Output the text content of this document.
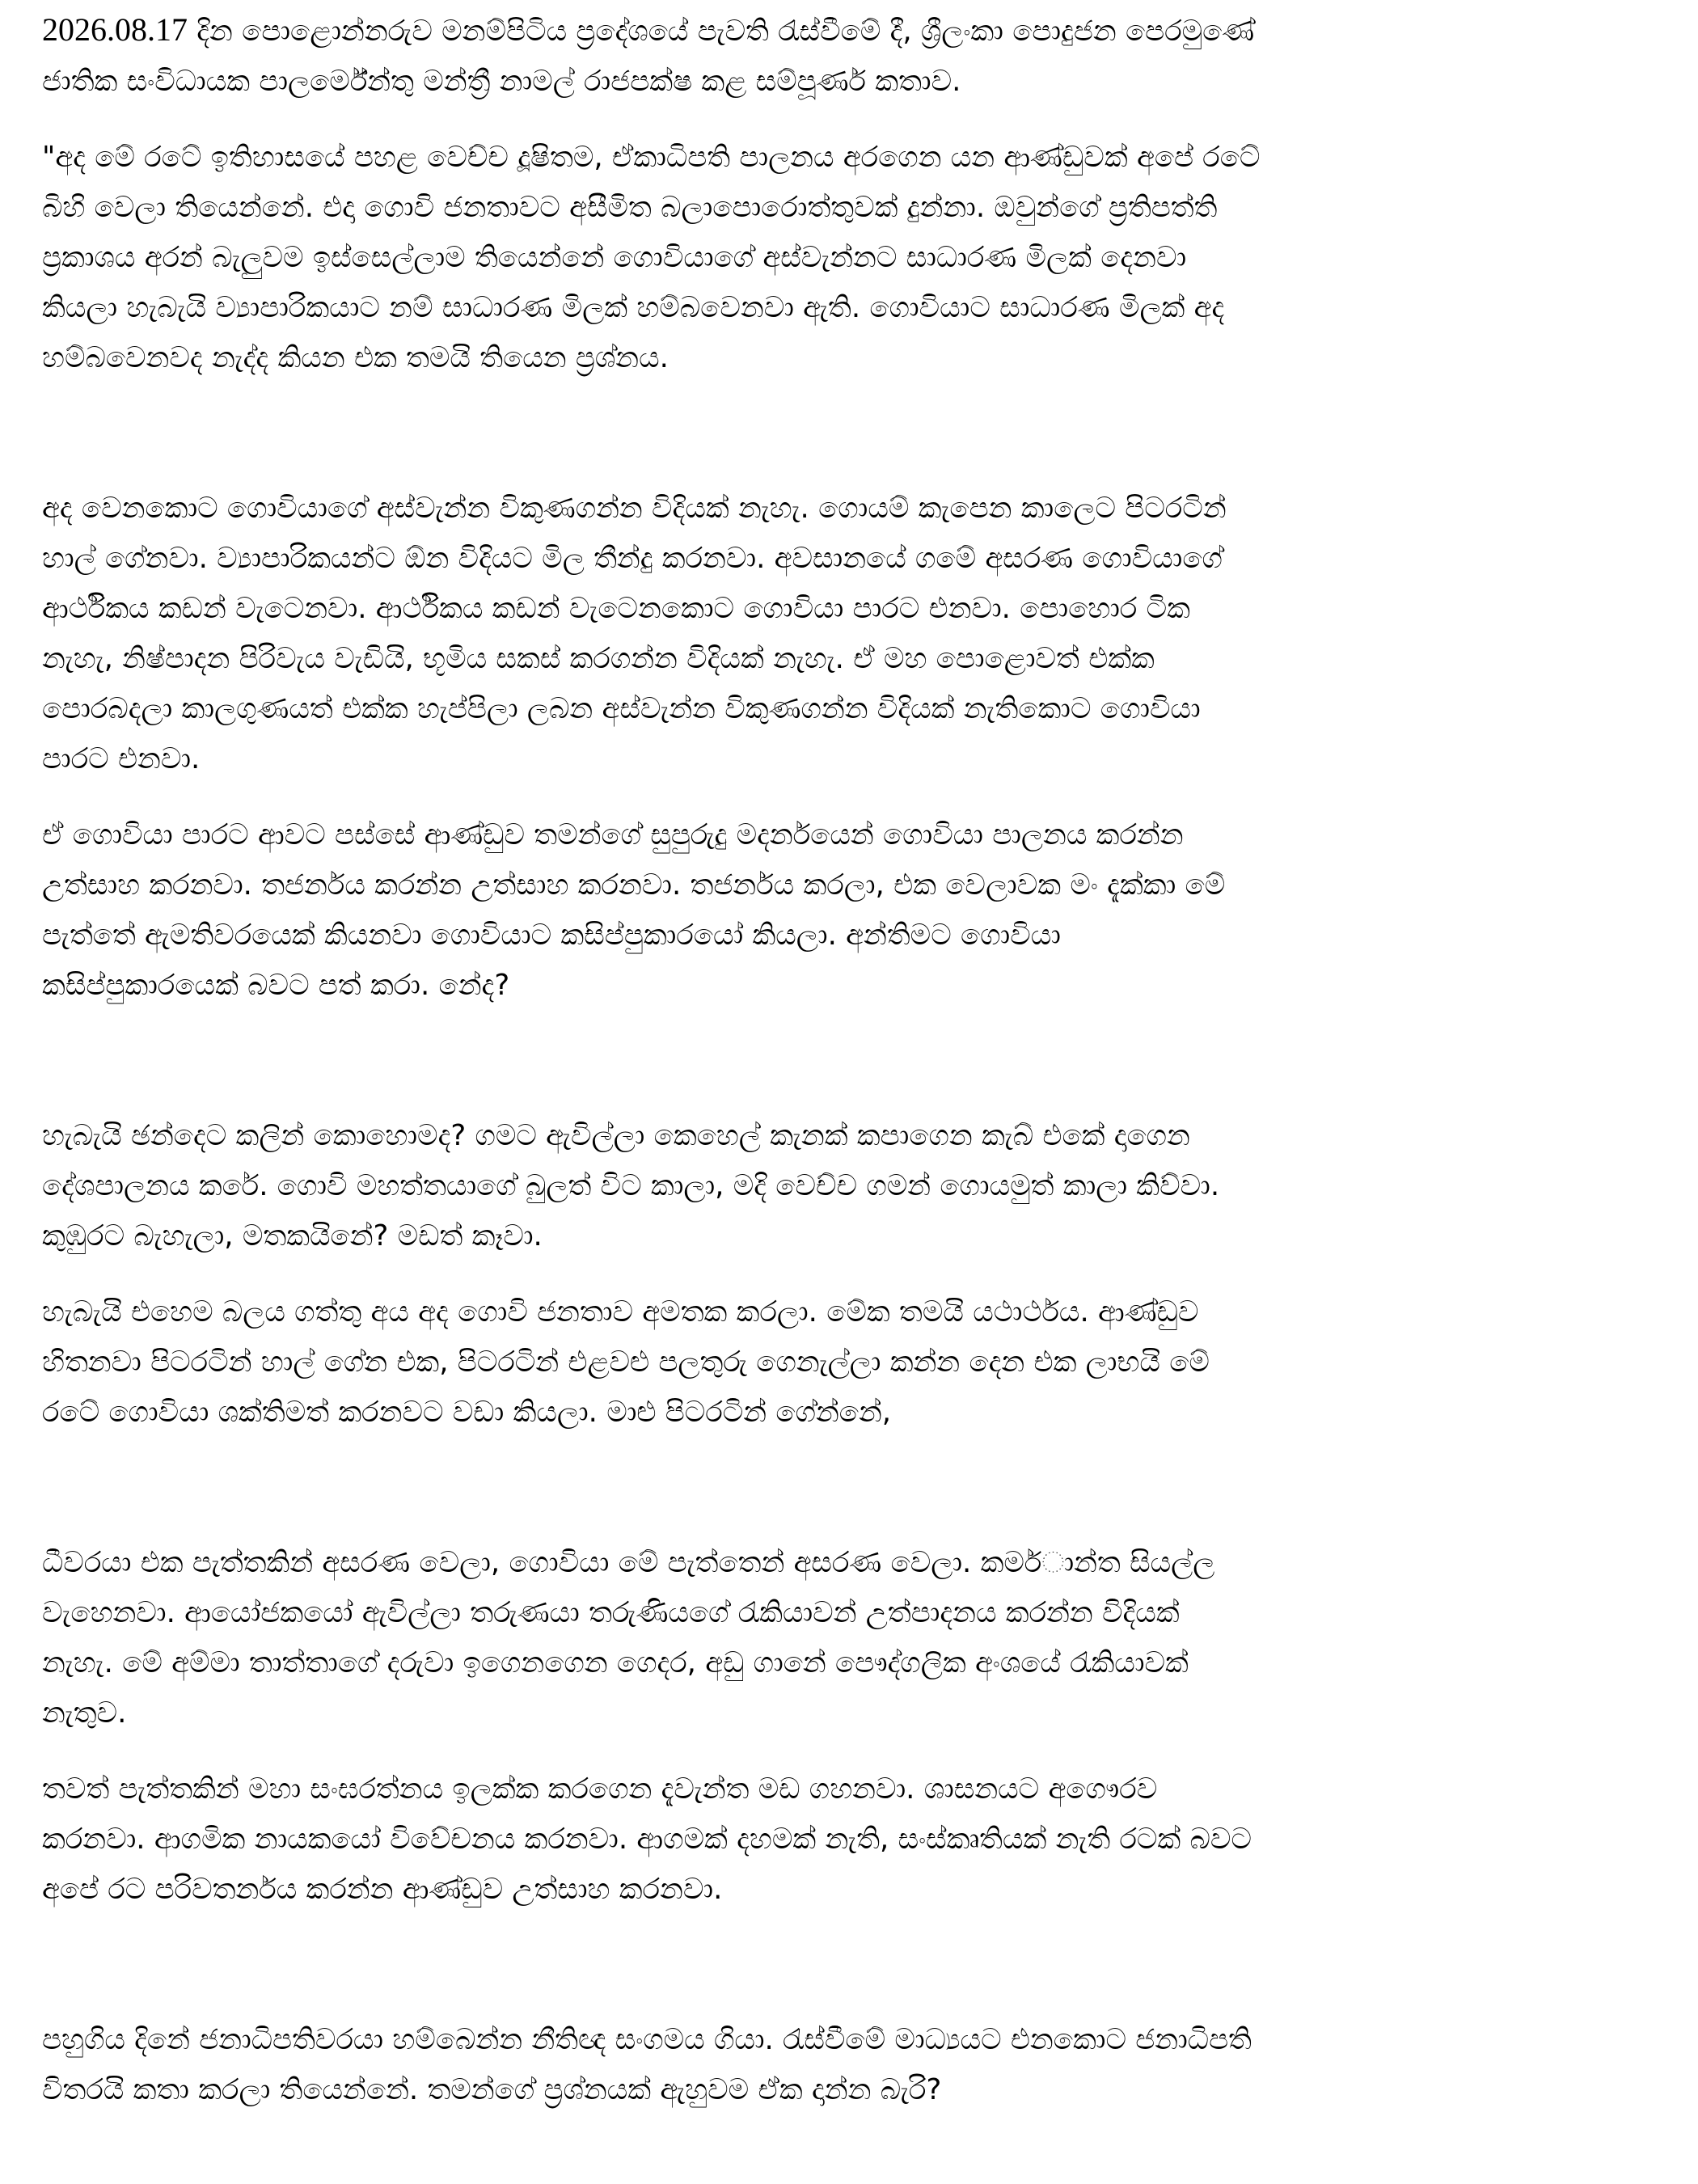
2026.08.17 දින පොළොන්නරුව මනම්පිටිය ප්‍රදේශයේ පැවති රැස්වීමේ දී, ශ්‍රීලංකා පොදුජන පෙරමුණේ
ජාතික සංවිධායක පාලර්මේන්තු මන්ත්‍රී නාමල් රාජපක්ෂ කළ සම්පූණර් කතාව.

"අද මේ රටේ ඉතිහාසයේ පහළ වෙච්ච දූෂිතම, ඒකාධිපති පාලනය අරගෙන යන ආණ්ඩුවක් අපේ රටේ
බිහි වෙලා තියෙන්නේ. එදා ගොවි ජනතාවට අසීමිත බලාපොරොත්තුවක් දුන්නා. ඔවුන්ගේ ප්‍රතිපත්ති
ප්‍රකාශය අරන් බැලුවම ඉස්සෙල්ලාම තියෙන්නේ ගොවියාගේ අස්වැන්නට සාධාරණ මිලක් දෙනවා
කියලා හැබැයි ව්‍යාපාරිකයාට නම් සාධාරණ මිලක් හම්බවෙනවා ඇති. ගොවියාට සාධාරණ මිලක් අද
හම්බවෙනවද නැද්ද කියන එක තමයි තියෙන ප්‍රශ්නය.

අද වෙනකොට ගොවියාගේ අස්වැන්න විකුණගන්න විදියක් නැහැ. ගොයම් කැපෙන කාලෙට පිටරටින්
හාල් ගේනවා. ව්‍යාපාරිකයන්ට ඕන විදියට මිල තීන්දු කරනවා. අවසානයේ ගමේ අසරණ ගොවියාගේ
ආර්ථිකය කඩන් වැටෙනවා. ආර්ථිකය කඩන් වැටෙනකොට ගොවියා පාරට එනවා. පොහොර ටික
නැහැ, නිෂ්පාදන පිරිවැය වැඩියි, භූමිය සකස් කරගන්න විදියක් නැහැ. ඒ මහ පොළොවත් එක්ක
පොරබදලා කාලගුණයත් එක්ක හැප්පිලා ලබන අස්වැන්න විකුණගන්න විදියක් නැතිකොට ගොවියා
පාරට එනවා.

ඒ ගොවියා පාරට ආවට පස්සේ ආණ්ඩුව තමන්ගේ සුපුරුදු මදර්නයෙන් ගොවියා පාලනය කරන්න
උත්සාහ කරනවා. තජර්නය කරන්න උත්සාහ කරනවා. තජර්නය කරලා, එක වෙලාවක මං දැක්කා මේ
පැත්තේ ඇමතිවරයෙක් කියනවා ගොවියාට කසිප්පුකාරයෝ කියලා. අන්තිමට ගොවියා
කසිප්පුකාරයෙක් බවට පත් කරා. නේද?

හැබැයි ඡන්දෙට කලින් කොහොමද? ගමට ඇවිල්ලා කෙහෙල් කැනක් කපාගෙන කැබ් එකේ දාගෙන
දේශපාලනය කරේ. ගොවි මහත්තයාගේ බුලත් විට කාලා, මදි වෙච්ච ගමන් ගොයමුත් කාලා කිව්වා.
කුඹුරට බැහැලා, මතකයිනේ? මඩත් කෑවා.

හැබැයි එහෙම බලය ගත්තු අය අද ගොවි ජනතාව අමතක කරලා. මේක තමයි යථාර්ථය. ආණ්ඩුව
හිතනවා පිටරටින් හාල් ගේන එක, පිටරටින් එළවළු පලතුරු ගෙනැල්ලා කන්න දෙන එක ලාභයි මේ
රටේ ගොවියා ශක්තිමත් කරනවට වඩා කියලා. මාළු පිටරටින් ගේන්නේ,

ධීවරයා එක පැත්තකින් අසරණ වෙලා, ගොවියා මේ පැත්තෙන් අසරණ වෙලා. කමර්ාන්ත සියල්ල
වැහෙනවා. ආයෝජකයෝ ඇවිල්ලා තරුණයා තරුණියගේ රැකියාවන් උත්පාදනය කරන්න විදියක්
නැහැ. මේ අම්මා තාත්තාගේ දරුවා ඉගෙනගෙන ගෙදර, අඩු ගානේ පෞද්ගලික අංශයේ රැකියාවක්
නැතුව.

තවත් පැත්තකින් මහා සංඝරත්නය ඉලක්ක කරගෙන දැවැන්ත මඩ ගහනවා. ශාසනයට අගෞරව
කරනවා. ආගමික නායකයෝ විවේචනය කරනවා. ආගමක් දහමක් නැති, සංස්කෘතියක් නැති රටක් බවට
අපේ රට පරිවතර්නය කරන්න ආණ්ඩුව උත්සාහ කරනවා.

පහුගිය දිනේ ජනාධිපතිවරයා හම්බෙන්න නීතිඥ සංගමය ගියා. රැස්වීමේ මාධ්‍යයට එනකොට ජනාධිපති
විතරයි කතා කරලා තියෙන්නේ. තමන්ගේ ප්‍රශ්නයක් ඇහුවම ඒක දාන්න බැරි?
